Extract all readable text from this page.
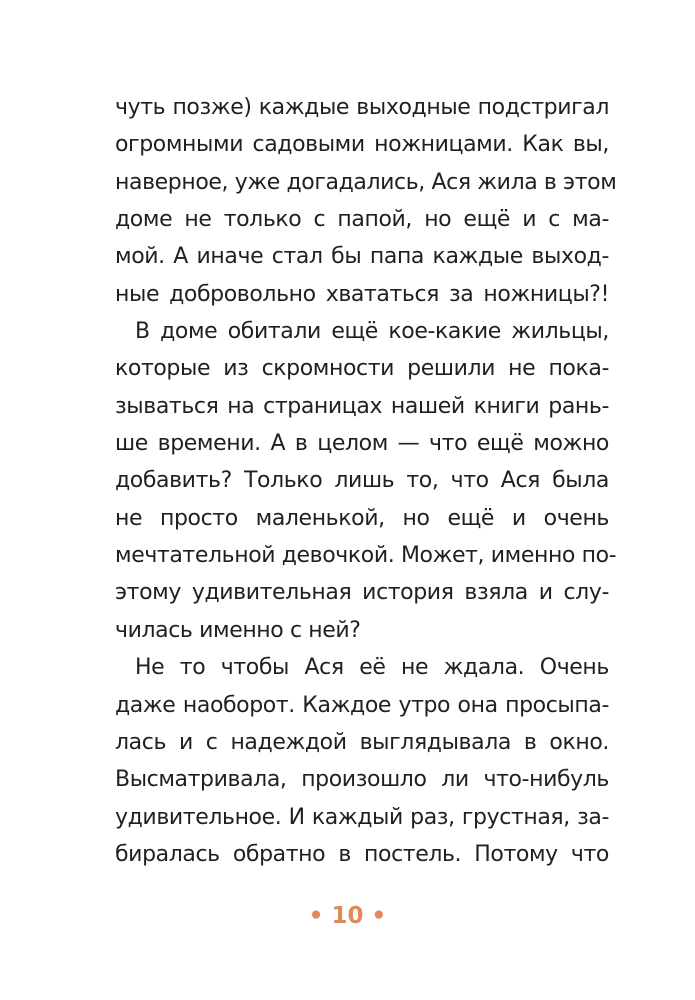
чуть позже) каждые выходные подстригал
огромными садовыми ножницами. Как вы,
наверное, уже догадались, Ася жила в этом
доме не только с папой, но ещё и с ма-
мой. А иначе стал бы папа каждые выход-
ные добровольно хвататься за ножницы?!
В доме обитали ещё кое-какие жильцы,
которые из скромности решили не пока-
зываться на страницах нашей книги рань-
ше времени. А в целом — что ещё можно
добавить? Только лишь то, что Ася была
не просто маленькой, но ещё и очень
мечтательной девочкой. Может, именно по-
этому удивительная история взяла и слу-
чилась именно с ней?
Не то чтобы Ася её не ждала. Очень
даже наоборот. Каждое утро она просыпа-
лась и с надеждой выглядывала в окно.
Высматривала, произошло ли что-нибуль
удивительное. И каждый раз, грустная, за-
биралась обратно в постель. Потому что
• 10 •
